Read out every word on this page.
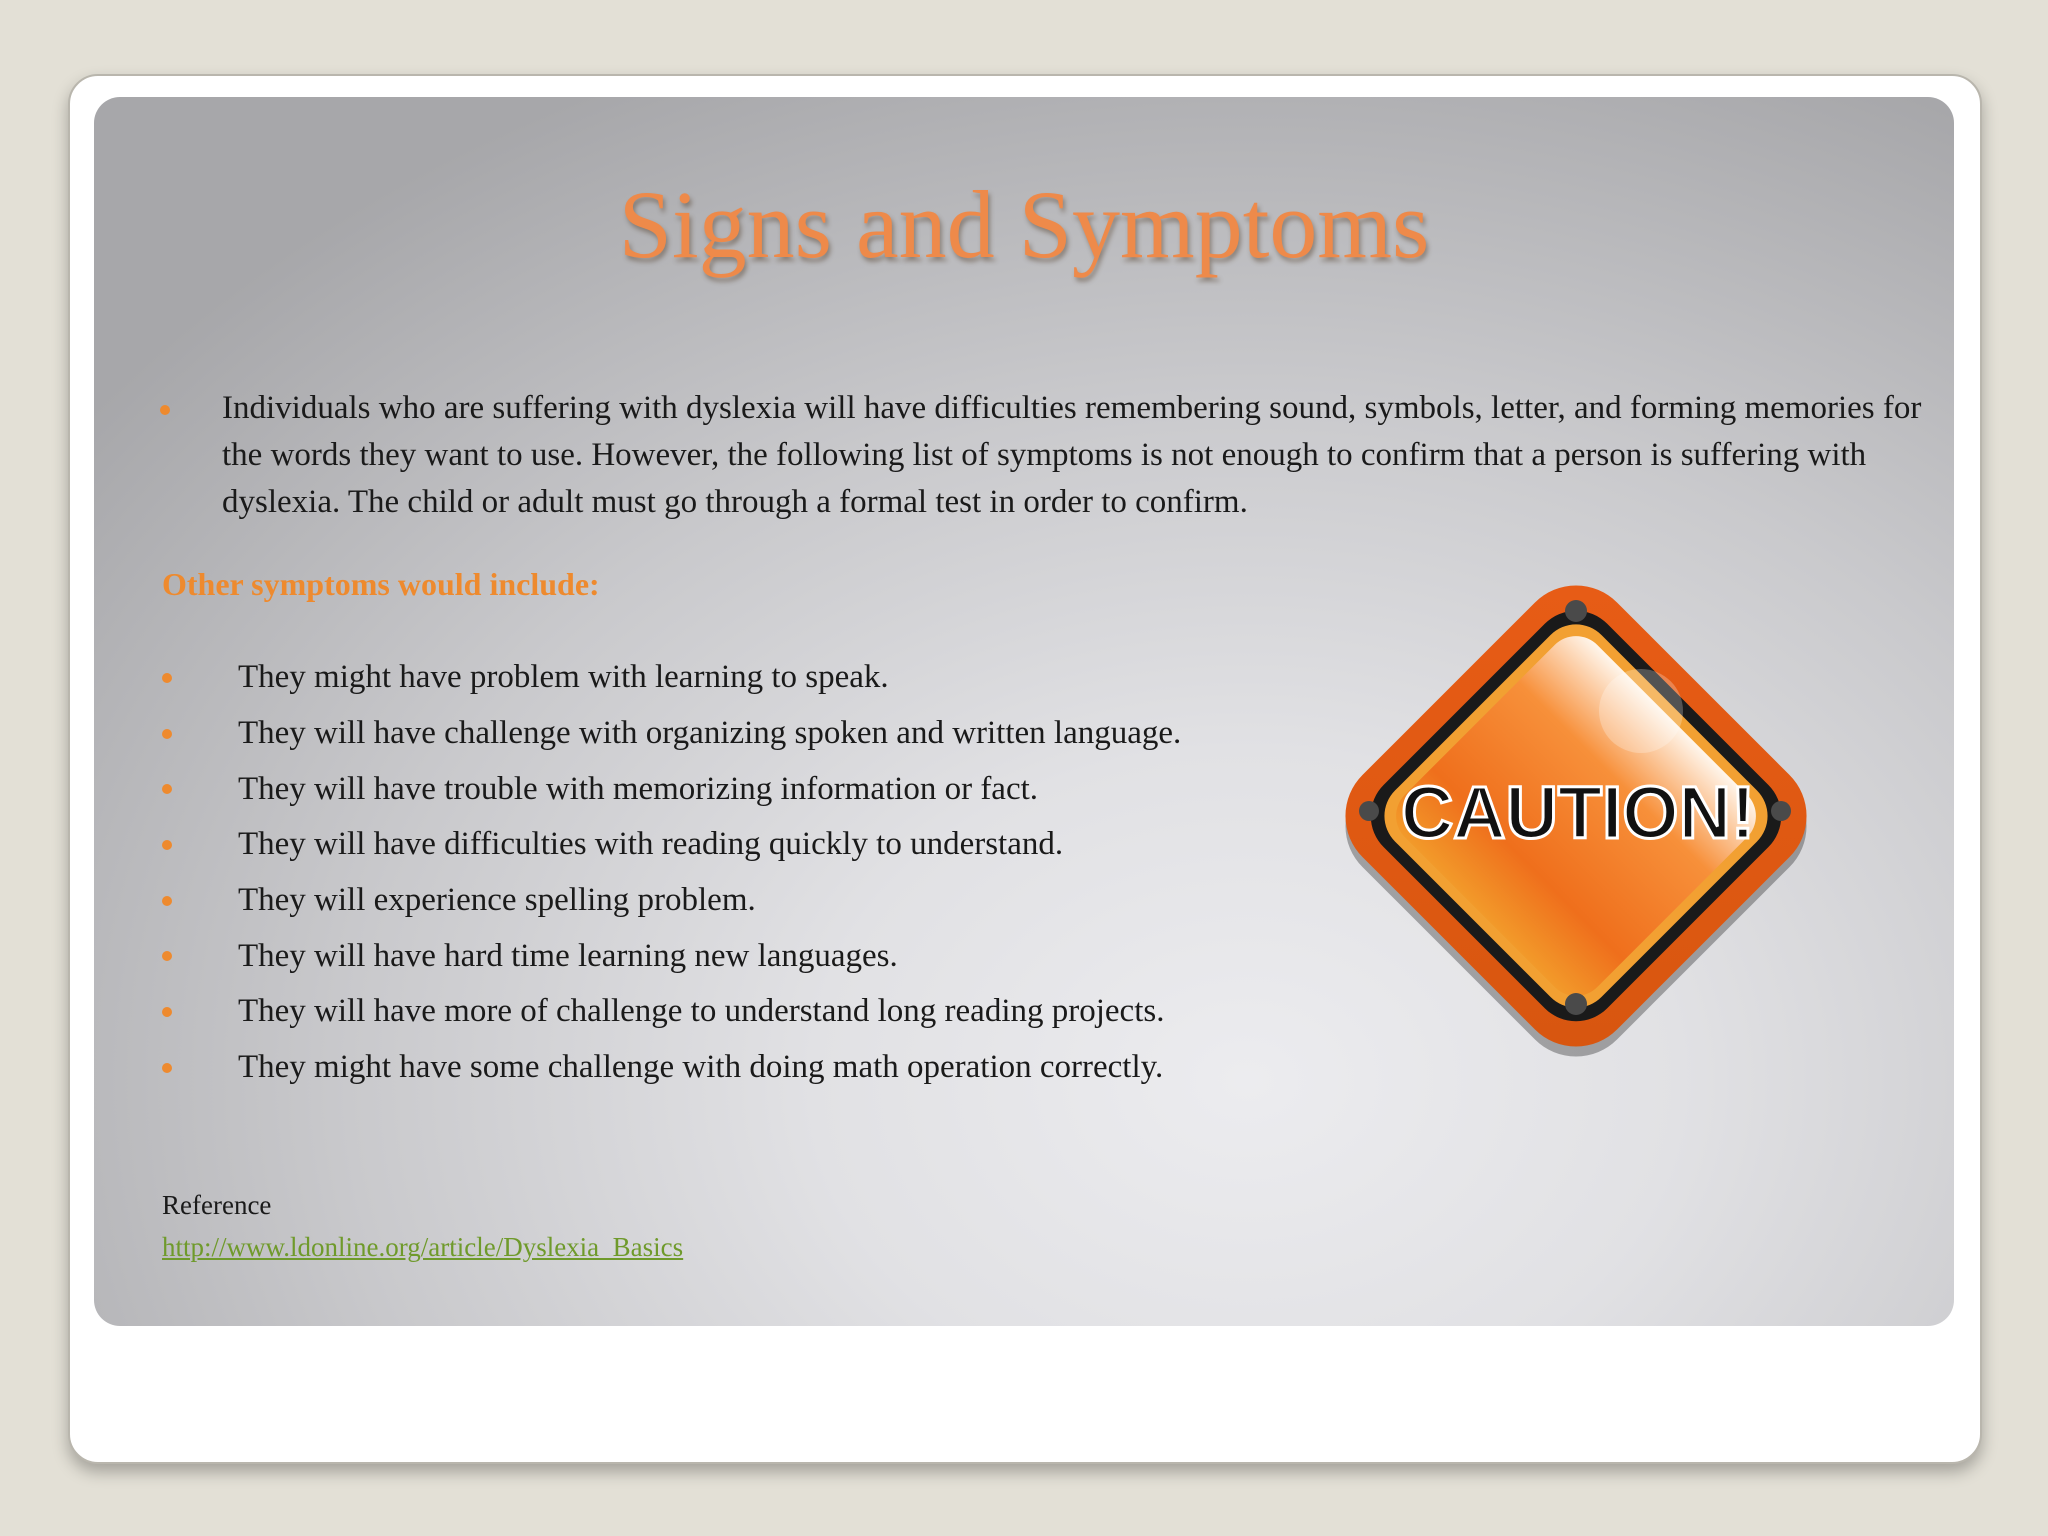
Signs and Symptoms
Individuals who are suffering with dyslexia will have difficulties remembering sound, symbols, letter, and forming memories for the words they want to use. However, the following list of symptoms is not enough to confirm that a person is suffering with dyslexia. The child or adult must go through a formal test in order to confirm.
Other symptoms would include:
They might have problem with learning to speak.
They will have challenge with organizing spoken and written language.
They will have trouble with memorizing information or fact.
They will have difficulties with reading quickly to understand.
They will experience spelling problem.
They will have hard time learning new languages.
They will have more of challenge to understand long reading projects.
They might have some challenge with doing math operation correctly.
CAUTION!
Reference
http://www.ldonline.org/article/Dyslexia_Basics
